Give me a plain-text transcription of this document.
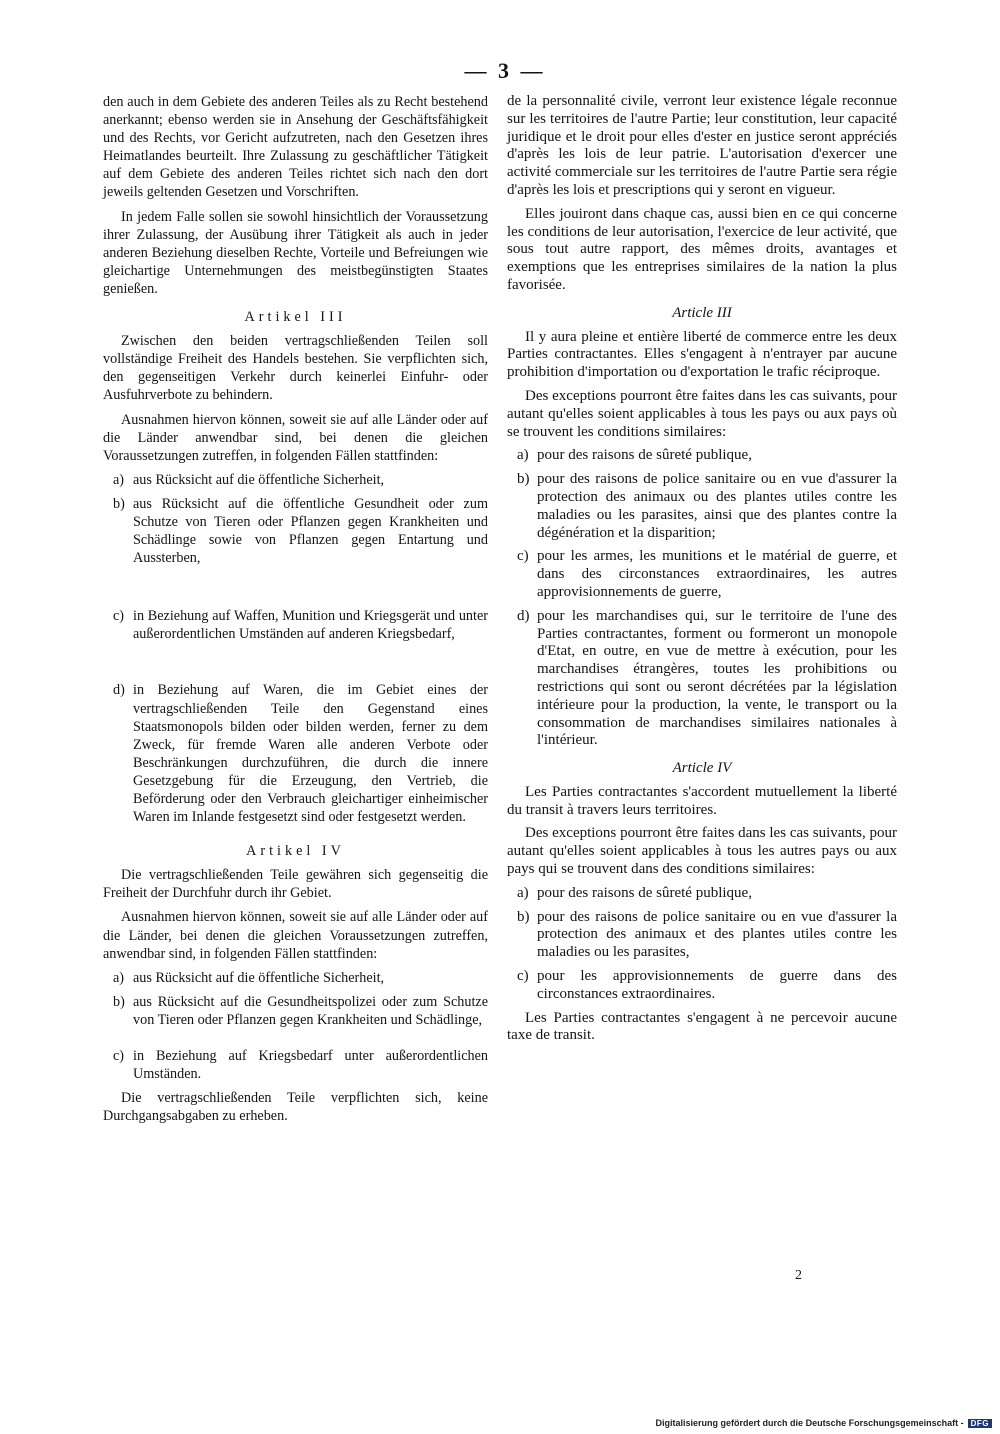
— 3 —

den auch in dem Gebiete des anderen Teiles als zu Recht bestehend anerkannt; ebenso werden sie in Ansehung der Geschäftsfähigkeit und des Rechts, vor Gericht aufzutreten, nach den Gesetzen ihres Heimatlandes beurteilt. Ihre Zulassung zu geschäftlicher Tätigkeit auf dem Gebiete des anderen Teiles richtet sich nach den dort jeweils geltenden Gesetzen und Vorschriften.

In jedem Falle sollen sie sowohl hinsichtlich der Voraussetzung ihrer Zulassung, der Ausübung ihrer Tätigkeit als auch in jeder anderen Beziehung dieselben Rechte, Vorteile und Befreiungen wie gleichartige Unternehmungen des meistbegünstigten Staates genießen.

Artikel III

Zwischen den beiden vertragschließenden Teilen soll vollständige Freiheit des Handels bestehen. Sie verpflichten sich, den gegenseitigen Verkehr durch keinerlei Einfuhr- oder Ausfuhrverbote zu behindern.

Ausnahmen hiervon können, soweit sie auf alle Länder oder auf die Länder anwendbar sind, bei denen die gleichen Voraussetzungen zutreffen, in folgenden Fällen stattfinden:

a) aus Rücksicht auf die öffentliche Sicherheit,
b) aus Rücksicht auf die öffentliche Gesundheit oder zum Schutze von Tieren oder Pflanzen gegen Krankheiten und Schädlinge sowie von Pflanzen gegen Entartung und Aussterben,
c) in Beziehung auf Waffen, Munition und Kriegsgerät und unter außerordentlichen Umständen auf anderen Kriegsbedarf,
d) in Beziehung auf Waren, die im Gebiet eines der vertragschließenden Teile den Gegenstand eines Staatsmonopols bilden oder bilden werden, ferner zu dem Zweck, für fremde Waren alle anderen Verbote oder Beschränkungen durchzuführen, die durch die innere Gesetzgebung für die Erzeugung, den Vertrieb, die Beförderung oder den Verbrauch gleichartiger einheimischer Waren im Inlande festgesetzt sind oder festgesetzt werden.
Artikel IV

Die vertragschließenden Teile gewähren sich gegenseitig die Freiheit der Durchfuhr durch ihr Gebiet.

Ausnahmen hiervon können, soweit sie auf alle Länder oder auf die Länder, bei denen die gleichen Voraussetzungen zutreffen, anwendbar sind, in folgenden Fällen stattfinden:

a) aus Rücksicht auf die öffentliche Sicherheit,
b) aus Rücksicht auf die Gesundheitspolizei oder zum Schutze von Tieren oder Pflanzen gegen Krankheiten und Schädlinge,
c) in Beziehung auf Kriegsbedarf unter außerordentlichen Umständen.

Die vertragschließenden Teile verpflichten sich, keine Durchgangsabgaben zu erheben.

de la personnalité civile, verront leur existence légale reconnue sur les territoires de l'autre Partie; leur constitution, leur capacité juridique et le droit pour elles d'ester en justice seront appréciés d'après les lois de leur patrie. L'autorisation d'exercer une activité commerciale sur les territoires de l'autre Partie sera régie d'après les lois et prescriptions qui y seront en vigueur.

Elles jouiront dans chaque cas, aussi bien en ce qui concerne les conditions de leur autorisation, l'exercice de leur activité, que sous tout autre rapport, des mêmes droits, avantages et exemptions que les entreprises similaires de la nation la plus favorisée.

Article III

Il y aura pleine et entière liberté de commerce entre les deux Parties contractantes. Elles s'engagent à n'entrayer par aucune prohibition d'importation ou d'exportation le trafic réciproque.

Des exceptions pourront être faites dans les cas suivants, pour autant qu'elles soient applicables à tous les pays ou aux pays où se trouvent les conditions similaires:

a) pour des raisons de sûreté publique,
b) pour des raisons de police sanitaire ou en vue d'assurer la protection des animaux ou des plantes utiles contre les maladies ou les parasites, ainsi que des plantes contre la dégénération et la disparition;
c) pour les armes, les munitions et le matérial de guerre, et dans des circonstances extraordinaires, les autres approvisionnements de guerre,
d) pour les marchandises qui, sur le territoire de l'une des Parties contractantes, forment ou formeront un monopole d'Etat, en outre, en vue de mettre à exécution, pour les marchandises étrangères, toutes les prohibitions ou restrictions qui sont ou seront décrétées par la législation intérieure pour la production, la vente, le transport ou la consommation de marchandises similaires nationales à l'intérieur.
Article IV

Les Parties contractantes s'accordent mutuellement la liberté du transit à travers leurs territoires.

Des exceptions pourront être faites dans les cas suivants, pour autant qu'elles soient applicables à tous les autres pays ou aux pays qui se trouvent dans des conditions similaires:

a) pour des raisons de sûreté publique,
b) pour des raisons de police sanitaire ou en vue d'assurer la protection des animaux et des plantes utiles contre les maladies ou les parasites,
c) pour les approvisionnements de guerre dans des circonstances extraordinaires.

Les Parties contractantes s'engagent à ne percevoir aucune taxe de transit.

2
Digitalisierung gefördert durch die Deutsche Forschungsgemeinschaft - DFG
